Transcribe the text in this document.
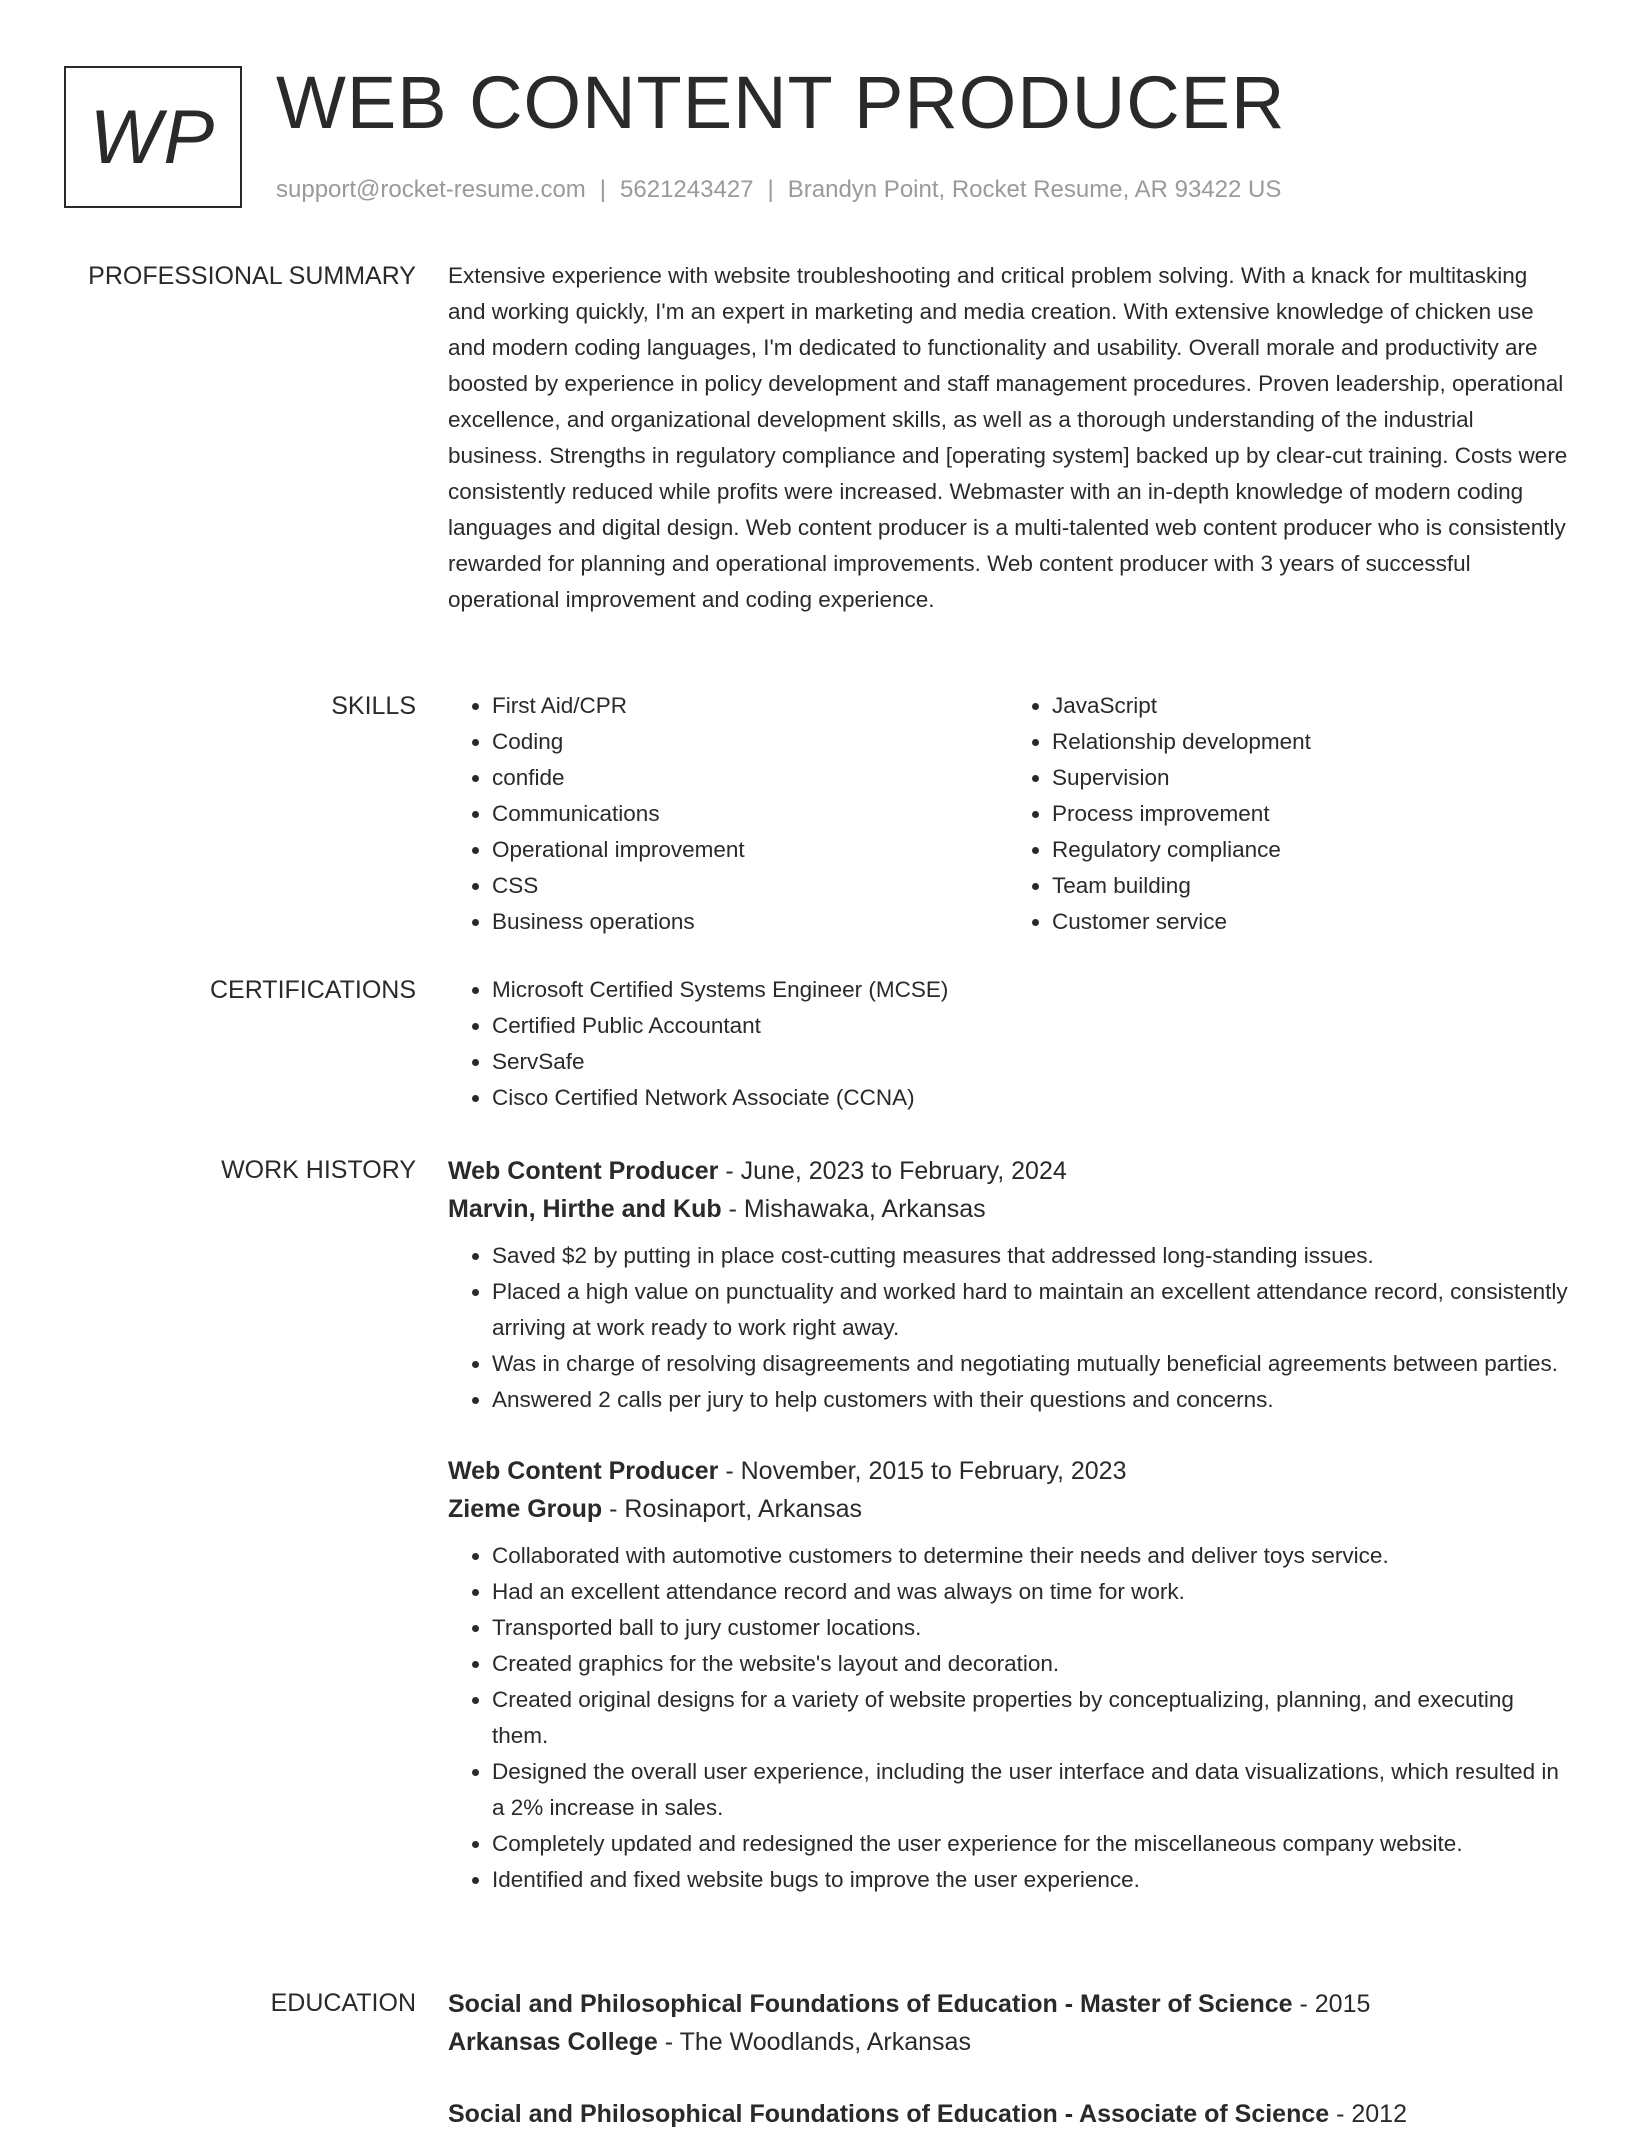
WP WEB CONTENT PRODUCER
support@rocket-resume.com | 5621243427 | Brandyn Point, Rocket Resume, AR 93422 US
PROFESSIONAL SUMMARY Extensive experience with website troubleshooting and critical problem solving. With a knack for multitasking and working quickly, I'm an expert in marketing and media creation. With extensive knowledge of chicken use and modern coding languages, I'm dedicated to functionality and usability. Overall morale and productivity are boosted by experience in policy development and staff management procedures. Proven leadership, operational excellence, and organizational development skills, as well as a thorough understanding of the industrial business. Strengths in regulatory compliance and [operating system] backed up by clear-cut training. Costs were consistently reduced while profits were increased. Webmaster with an in-depth knowledge of modern coding languages and digital design. Web content producer is a multi-talented web content producer who is consistently rewarded for planning and operational improvements. Web content producer with 3 years of successful operational improvement and coding experience.

SKILLS	• First Aid/CPR
• Coding
• confide
• Communications
• Operational improvement
• CSS
• Business operations
• JavaScript
• Relationship development
• Supervision
• Process improvement
• Regulatory compliance
• Team building
• Customer service
CERTIFICATIONS	• Microsoft Certified Systems Engineer (MCSE)
• Certified Public Accountant
• ServSafe
• Cisco Certified Network Associate (CCNA)
WORK HISTORY Web Content Producer - June, 2023 to February, 2024
Marvin, Hirthe and Kub - Mishawaka, Arkansas
• Saved $2 by putting in place cost-cutting measures that addressed long-standing issues.
• Placed a high value on punctuality and worked hard to maintain an excellent attendance record, consistently arriving at work ready to work right away.
• Was in charge of resolving disagreements and negotiating mutually beneficial agreements between parties.
• Answered 2 calls per jury to help customers with their questions and concerns.
Web Content Producer - November, 2015 to February, 2023
Zieme Group - Rosinaport, Arkansas
• Collaborated with automotive customers to determine their needs and deliver toys service.
• Had an excellent attendance record and was always on time for work.
• Transported ball to jury customer locations.
• Created graphics for the website's layout and decoration.
• Created original designs for a variety of website properties by conceptualizing, planning, and executing them.
• Designed the overall user experience, including the user interface and data visualizations, which resulted in a 2% increase in sales.
• Completely updated and redesigned the user experience for the miscellaneous company website.
• Identified and fixed website bugs to improve the user experience.
EDUCATION Social and Philosophical Foundations of Education - Master of Science - 2015
Arkansas College - The Woodlands, Arkansas
Social and Philosophical Foundations of Education - Associate of Science - 2012
